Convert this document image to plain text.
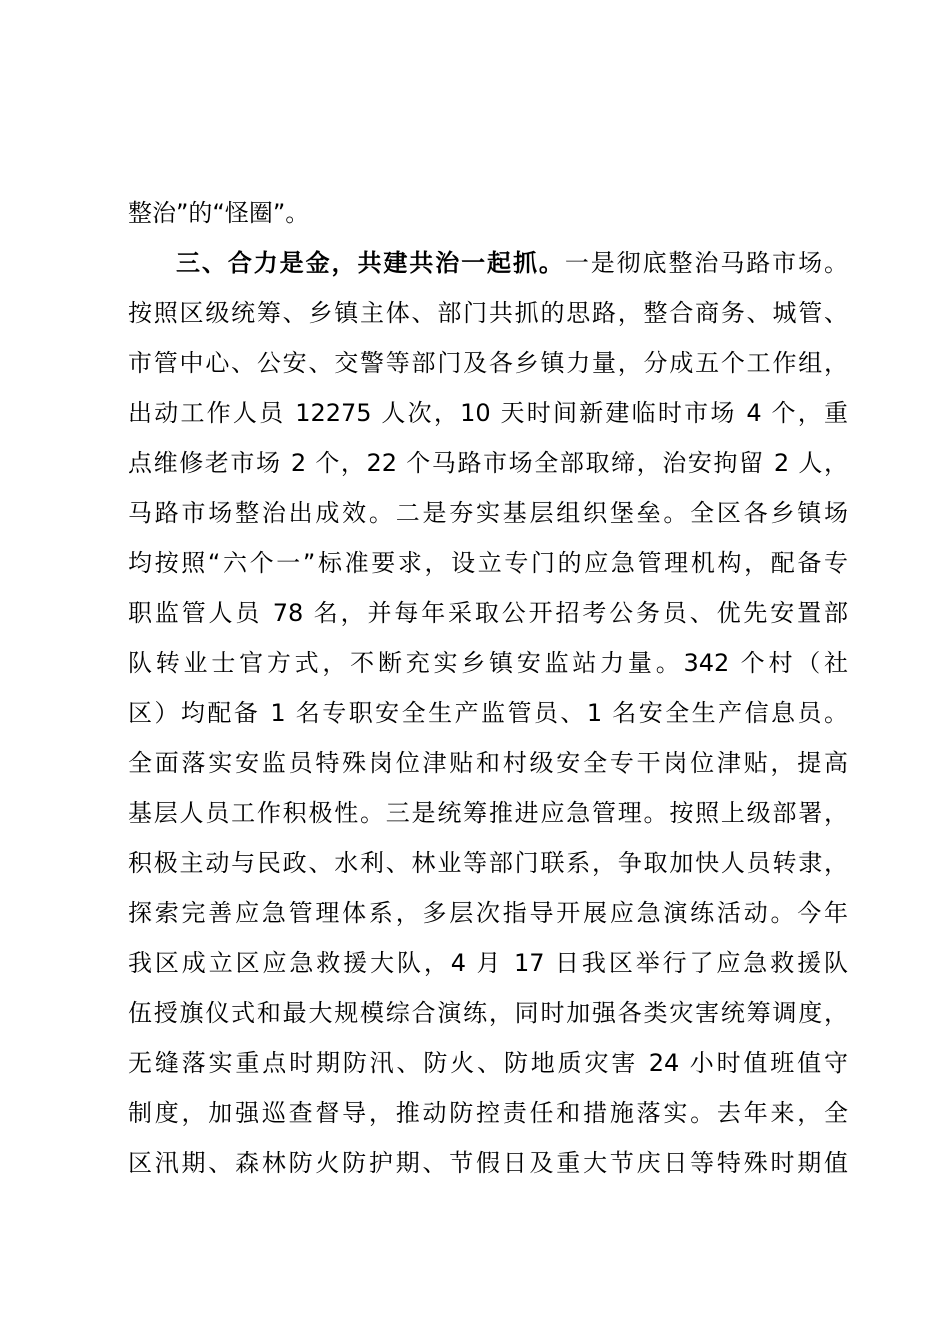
整治”的“怪圈”。
三、合力是金，共建共治一起抓。一是彻底整治马路市场。
按照区级统筹、乡镇主体、部门共抓的思路，整合商务、城管、
市管中心、公安、交警等部门及各乡镇力量，分成五个工作组，
出动工作人员 12275 人次，10 天时间新建临时市场 4 个，重
点维修老市场 2 个，22 个马路市场全部取缔，治安拘留 2 人，
马路市场整治出成效。二是夯实基层组织堡垒。全区各乡镇场
均按照“六个一”标准要求，设立专门的应急管理机构，配备专
职监管人员 78 名，并每年采取公开招考公务员、优先安置部
队转业士官方式，不断充实乡镇安监站力量。342 个村（社
区）均配备 1 名专职安全生产监管员、1 名安全生产信息员。
全面落实安监员特殊岗位津贴和村级安全专干岗位津贴，提高
基层人员工作积极性。三是统筹推进应急管理。按照上级部署，
积极主动与民政、水利、林业等部门联系，争取加快人员转隶，
探索完善应急管理体系，多层次指导开展应急演练活动。今年
我区成立区应急救援大队，4 月 17 日我区举行了应急救援队
伍授旗仪式和最大规模综合演练，同时加强各类灾害统筹调度，
无缝落实重点时期防汛、防火、防地质灾害 24 小时值班值守
制度，加强巡查督导，推动防控责任和措施落实。去年来，全
区汛期、森林防火防护期、节假日及重大节庆日等特殊时期值
